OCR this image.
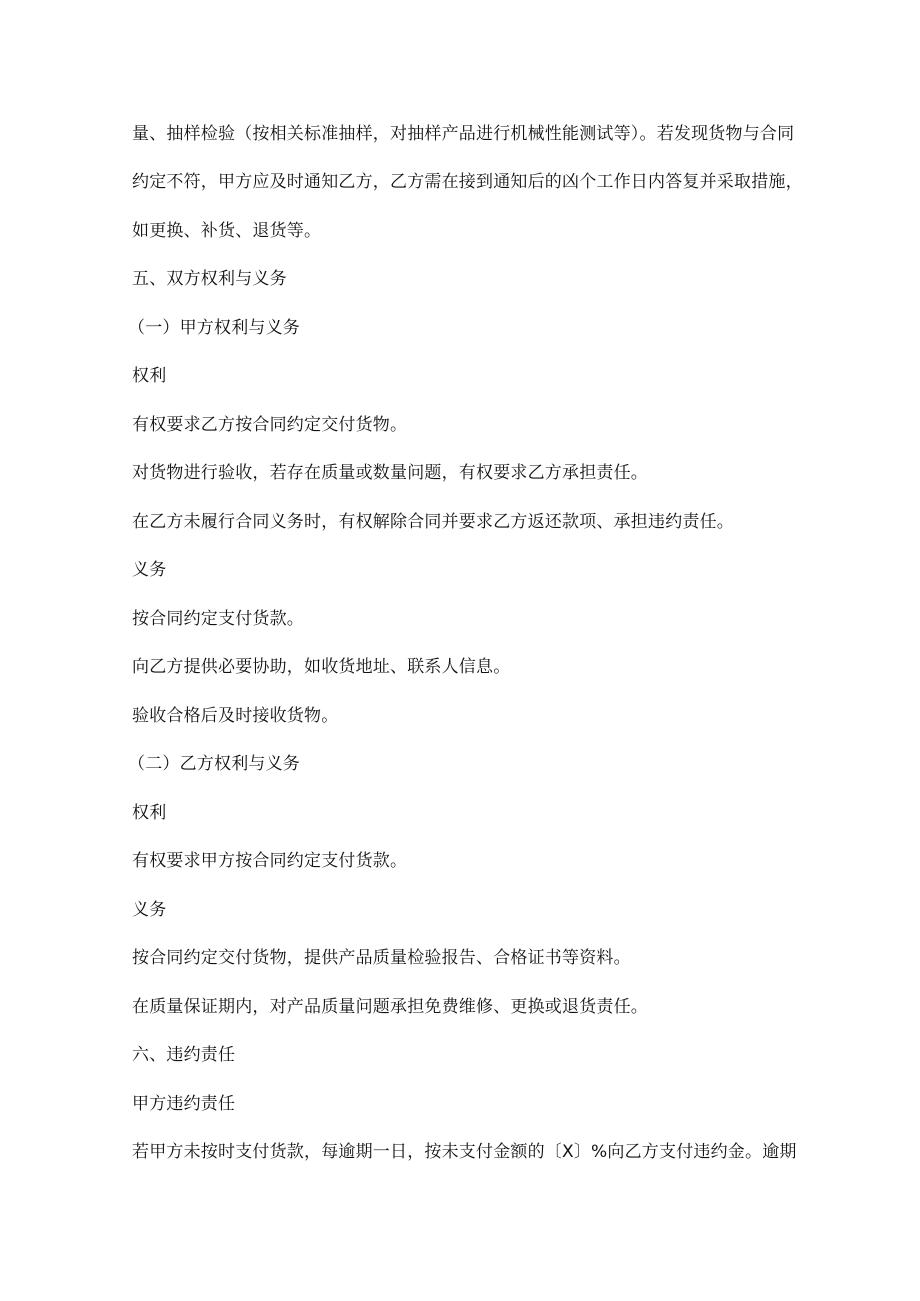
量、抽样检验（按相关标准抽样，对抽样产品进行机械性能测试等）。若发现货物与合同
约定不符，甲方应及时通知乙方，乙方需在接到通知后的凶个工作日内答复并采取措施，
如更换、补货、退货等。
五、双方权利与义务
（一）甲方权利与义务
权利
有权要求乙方按合同约定交付货物。
对货物进行验收，若存在质量或数量问题，有权要求乙方承担责任。
在乙方未履行合同义务时，有权解除合同并要求乙方返还款项、承担违约责任。
义务
按合同约定支付货款。
向乙方提供必要协助，如收货地址、联系人信息。
验收合格后及时接收货物。
（二）乙方权利与义务
权利
有权要求甲方按合同约定支付货款。
义务
按合同约定交付货物，提供产品质量检验报告、合格证书等资料。
在质量保证期内，对产品质量问题承担免费维修、更换或退货责任。
六、违约责任
甲方违约责任
若甲方未按时支付货款，每逾期一日，按未支付金额的〔X〕%向乙方支付违约金。逾期
